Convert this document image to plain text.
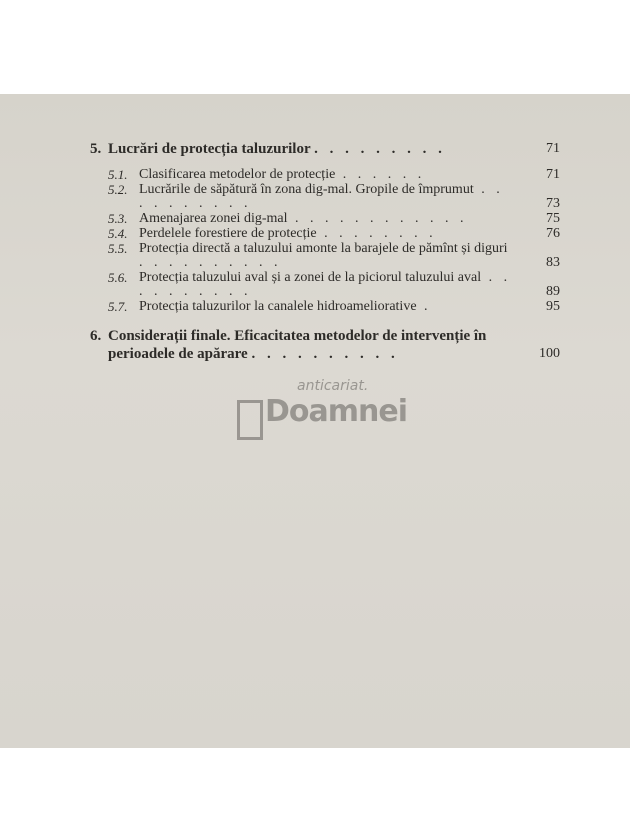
5. Lucrări de protecția taluzurilor . . . . . . . . .	71
5.1. Clasificarea metodelor de protecție . . . . . .	71
5.2. Lucrările de săpătură în zona dig-mal. Gropile de împrumut . . . . . . . . . .	73
5.3. Amenajarea zonei dig-mal . . . . . . . . . . . .	75
5.4. Perdelele forestiere de protecție . . . . . . . .	76
5.5. Protecția directă a taluzului amonte la barajele de pămînt și diguri . . . . . . . . . .	83
5.6. Protecția taluzului aval și a zonei de la piciorul taluzului aval . . . . . . . . . .	89
5.7. Protecția taluzurilor la canalele hidroameliorative .	95
6. Considerații finale. Eficacitatea metodelor de intervenție în perioadele de apărare . . . . . . . . . .	100
anticariat.
Doamnei
